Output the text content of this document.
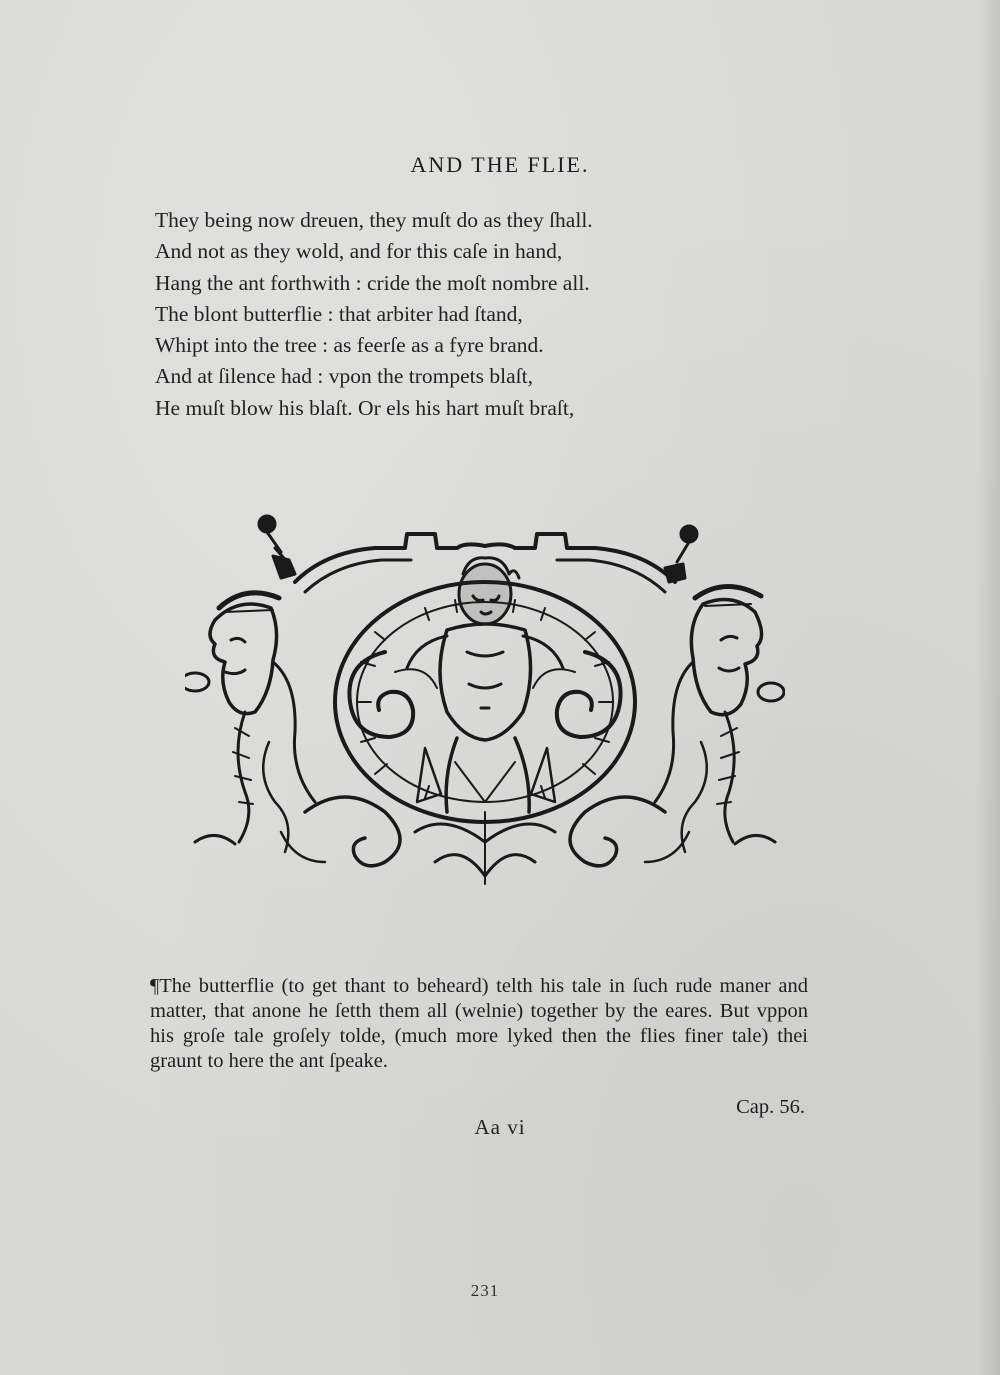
AND THE FLIE.
They being now dreuen, they muſt do as they ſhall.
And not as they wold, and for this caſe in hand,
Hang the ant forthwith : cride the moſt nombre all.
The blont butterflie : that arbiter had ſtand,
Whipt into the tree : as feerſe as a fyre brand.
And at ſilence had : vpon the trompets blaſt,
He muſt blow his blaſt. Or els his hart muſt braſt,
¶The butterflie (to get thant to beheard) telth his tale in ſuch rude maner and matter, that anone he ſetth them all (welnie) together by the eares. But vppon his groſe tale groſely tolde, (much more lyked then the flies finer tale) thei graunt to here the ant ſpeake.
Cap. 56.
Aa vi
231
